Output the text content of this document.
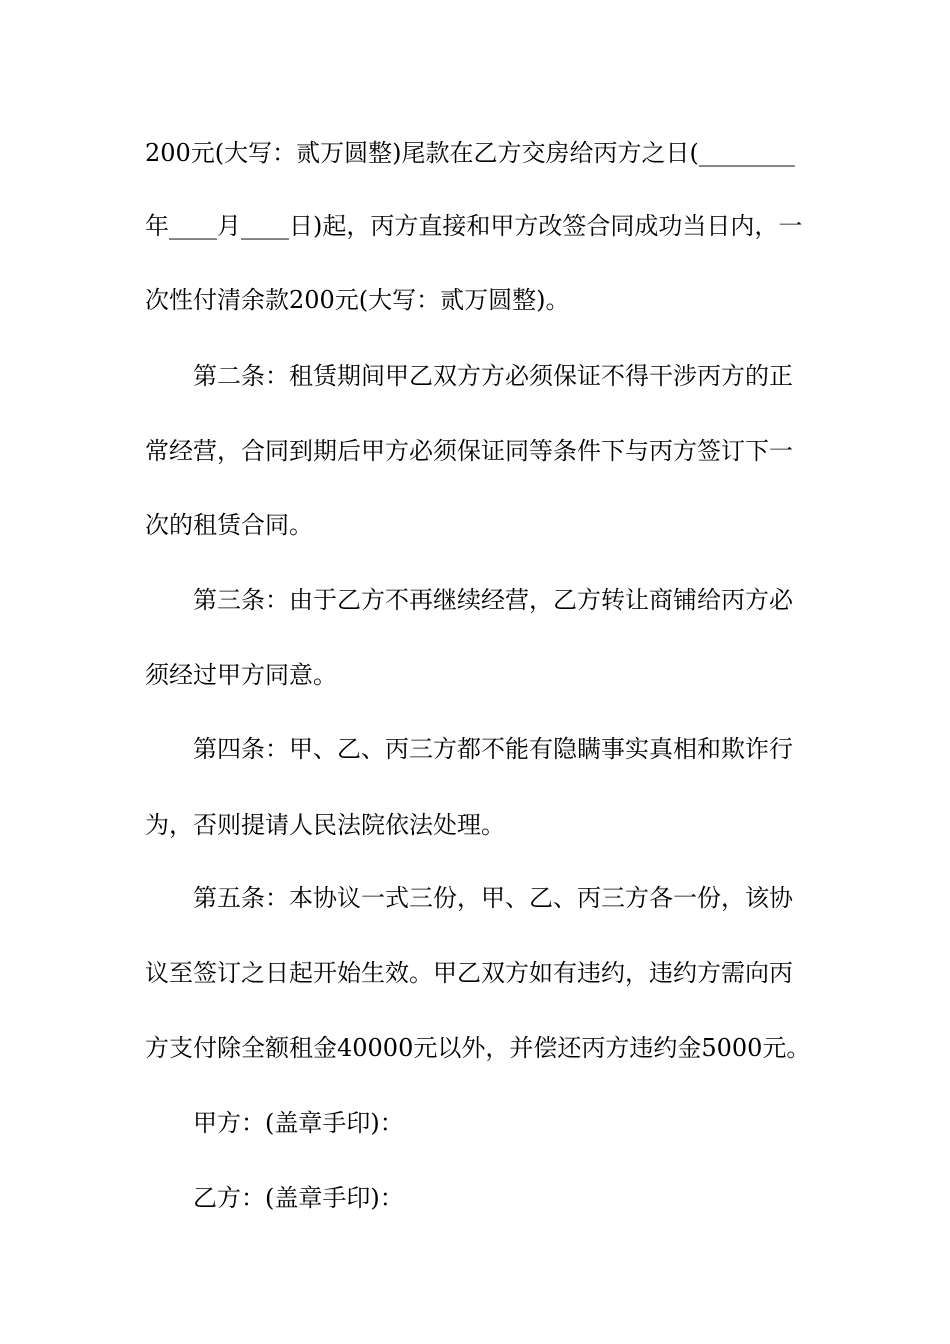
200元(大写：贰万圆整)尾款在乙方交房给丙方之日(________
年____月____日)起，丙方直接和甲方改签合同成功当日内，一
次性付清余款200元(大写：贰万圆整)。
第二条：租赁期间甲乙双方方必须保证不得干涉丙方的正
常经营，合同到期后甲方必须保证同等条件下与丙方签订下一
次的租赁合同。
第三条：由于乙方不再继续经营，乙方转让商铺给丙方必
须经过甲方同意。
第四条：甲、乙、丙三方都不能有隐瞒事实真相和欺诈行
为，否则提请人民法院依法处理。
第五条：本协议一式三份，甲、乙、丙三方各一份，该协
议至签订之日起开始生效。甲乙双方如有违约，违约方需向丙
方支付除全额租金40000元以外，并偿还丙方违约金5000元。
甲方：(盖章手印)：
乙方：(盖章手印)：
